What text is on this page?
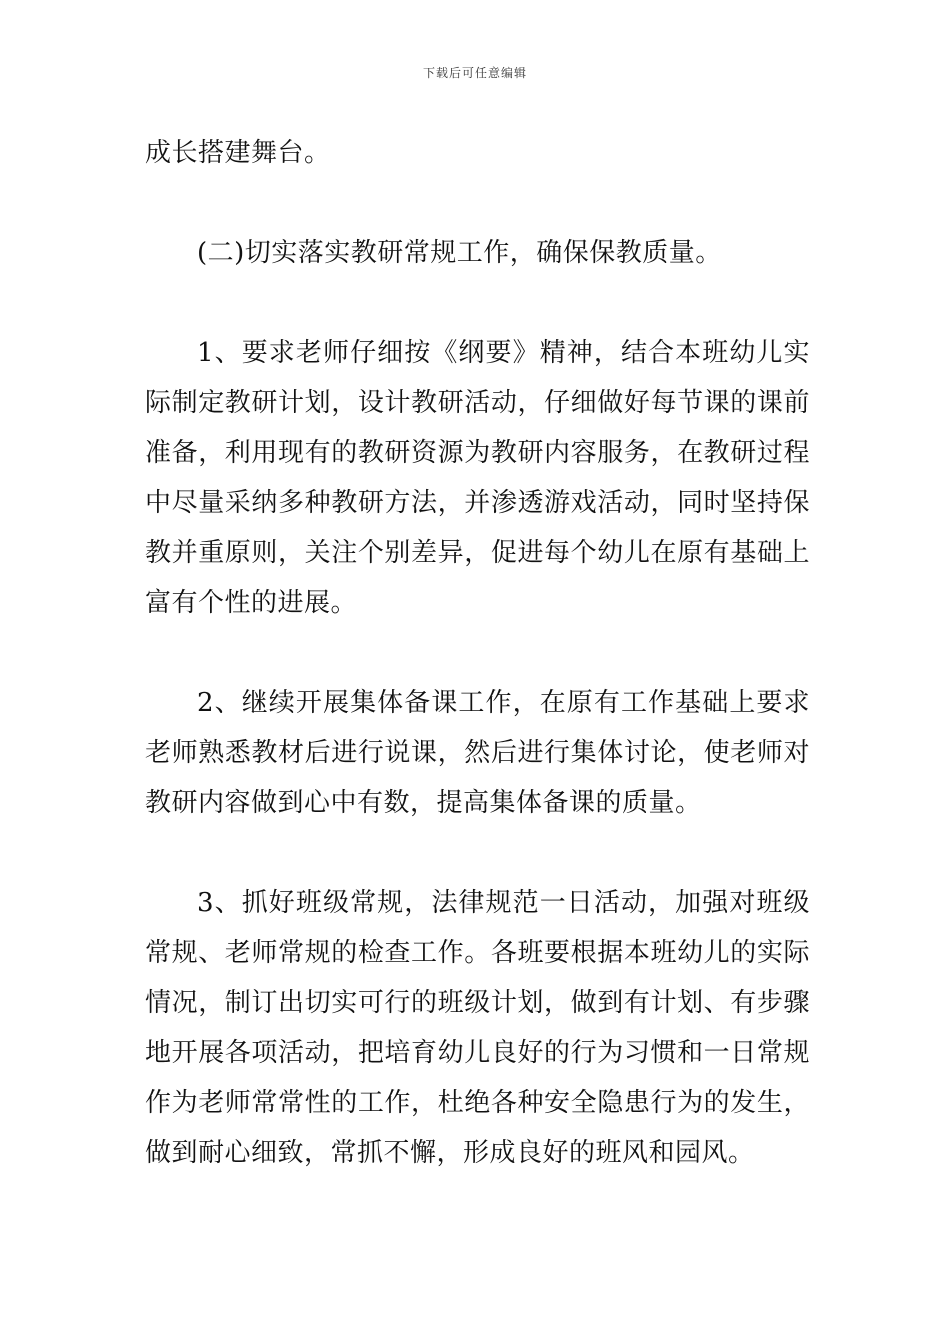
下载后可任意编辑

成长搭建舞台。

(二)切实落实教研常规工作，确保保教质量。

1、要求老师仔细按《纲要》精神，结合本班幼儿实际制定教研计划，设计教研活动，仔细做好每节课的课前准备，利用现有的教研资源为教研内容服务，在教研过程中尽量采纳多种教研方法，并渗透游戏活动，同时坚持保教并重原则，关注个别差异，促进每个幼儿在原有基础上富有个性的进展。

2、继续开展集体备课工作，在原有工作基础上要求老师熟悉教材后进行说课，然后进行集体讨论，使老师对教研内容做到心中有数，提高集体备课的质量。

3、抓好班级常规，法律规范一日活动，加强对班级常规、老师常规的检查工作。各班要根据本班幼儿的实际情况，制订出切实可行的班级计划，做到有计划、有步骤地开展各项活动，把培育幼儿良好的行为习惯和一日常规作为老师常常性的工作，杜绝各种安全隐患行为的发生，做到耐心细致，常抓不懈，形成良好的班风和园风。
